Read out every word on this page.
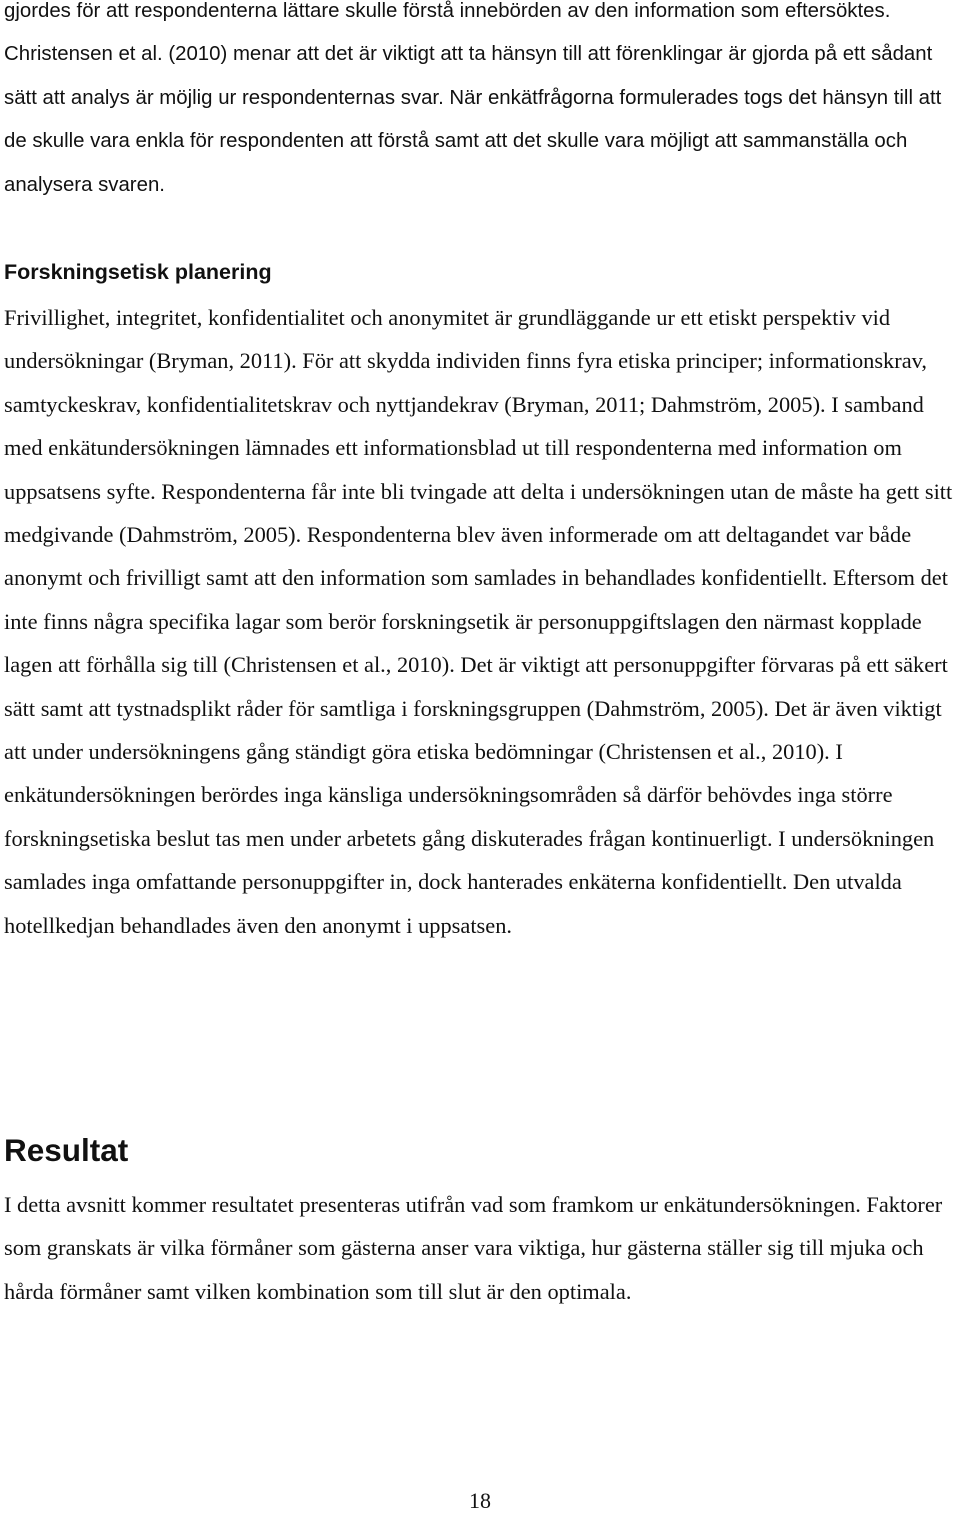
gjordes för att respondenterna lättare skulle förstå innebörden av den information som eftersöktes. Christensen et al. (2010) menar att det är viktigt att ta hänsyn till att förenklingar är gjorda på ett sådant sätt att analys är möjlig ur respondenternas svar. När enkätfrågorna formulerades togs det hänsyn till att de skulle vara enkla för respondenten att förstå samt att det skulle vara möjligt att sammanställa och analysera svaren.

Forskningsetisk planering

Frivillighet, integritet, konfidentialitet och anonymitet är grundläggande ur ett etiskt perspektiv vid undersökningar (Bryman, 2011). För att skydda individen finns fyra etiska principer; informationskrav, samtyckeskrav, konfidentialitetskrav och nyttjandekrav (Bryman, 2011; Dahmström, 2005). I samband med enkätundersökningen lämnades ett informationsblad ut till respondenterna med information om uppsatsens syfte. Respondenterna får inte bli tvingade att delta i undersökningen utan de måste ha gett sitt medgivande (Dahmström, 2005). Respondenterna blev även informerade om att deltagandet var både anonymt och frivilligt samt att den information som samlades in behandlades konfidentiellt. Eftersom det inte finns några specifika lagar som berör forskningsetik är personuppgiftslagen den närmast kopplade lagen att förhålla sig till (Christensen et al., 2010). Det är viktigt att personuppgifter förvaras på ett säkert sätt samt att tystnadsplikt råder för samtliga i forskningsgruppen (Dahmström, 2005). Det är även viktigt att under undersökningens gång ständigt göra etiska bedömningar (Christensen et al., 2010). I enkätundersökningen berördes inga känsliga undersökningsområden så därför behövdes inga större forskningsetiska beslut tas men under arbetets gång diskuterades frågan kontinuerligt. I undersökningen samlades inga omfattande personuppgifter in, dock hanterades enkäterna konfidentiellt. Den utvalda hotellkedjan behandlades även den anonymt i uppsatsen.

Resultat

I detta avsnitt kommer resultatet presenteras utifrån vad som framkom ur enkätundersökningen. Faktorer som granskats är vilka förmåner som gästerna anser vara viktiga, hur gästerna ställer sig till mjuka och hårda förmåner samt vilken kombination som till slut är den optimala.

18
